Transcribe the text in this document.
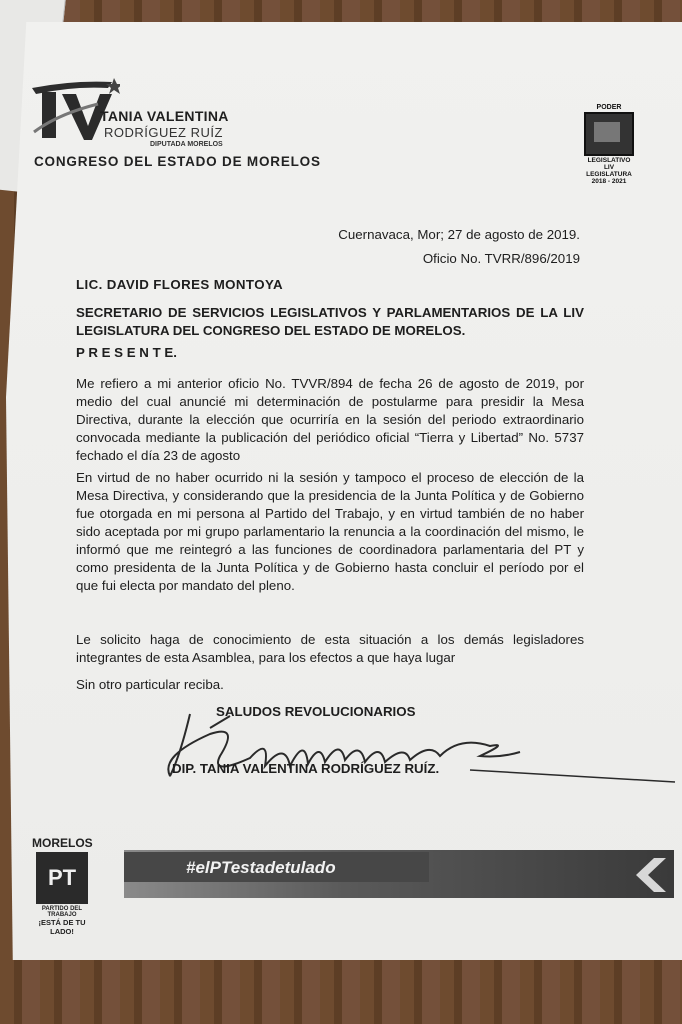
TANIA VALENTINA
RODRÍGUEZ RUÍZ
DIPUTADA MORELOS
CONGRESO DEL ESTADO DE MORELOS
PODER
LEGISLATIVO
LIV LEGISLATURA
2018 - 2021
Cuernavaca, Mor; 27 de agosto de 2019.
Oficio No. TVRR/896/2019
LIC. DAVID FLORES MONTOYA
SECRETARIO DE SERVICIOS LEGISLATIVOS Y PARLAMENTARIOS DE LA LIV LEGISLATURA DEL CONGRESO DEL ESTADO DE MORELOS.
P R E S E N T E.
Me refiero a mi anterior oficio No. TVVR/894 de fecha 26 de agosto de 2019, por medio del cual anuncié mi determinación de postularme para presidir la Mesa Directiva, durante la elección que ocurriría en la sesión del periodo extraordinario convocada mediante la publicación del periódico oficial “Tierra y Libertad” No. 5737 fechado el día 23 de agosto
En virtud de no haber ocurrido ni la sesión y tampoco el proceso de elección de la Mesa Directiva, y considerando que la presidencia de la Junta Política y de Gobierno fue otorgada en mi persona al Partido del Trabajo, y en virtud también de no haber sido aceptada por mi grupo parlamentario la renuncia a la coordinación del mismo, le informó que me reintegró a las funciones de coordinadora parlamentaria del PT y como presidenta de la Junta Política y de Gobierno hasta concluir el período por el que fui electa por mandato del pleno.
Le solicito haga de conocimiento de esta situación a los demás legisladores integrantes de esta Asamblea, para los efectos a que haya lugar
Sin otro particular reciba.
SALUDOS REVOLUCIONARIOS
DIP. TANIA VALENTINA RODRÍGUEZ RUÍZ.
MORELOS
PT
PARTIDO DEL TRABAJO
¡ESTÁ DE TU LADO!
#elPTestadetulado
